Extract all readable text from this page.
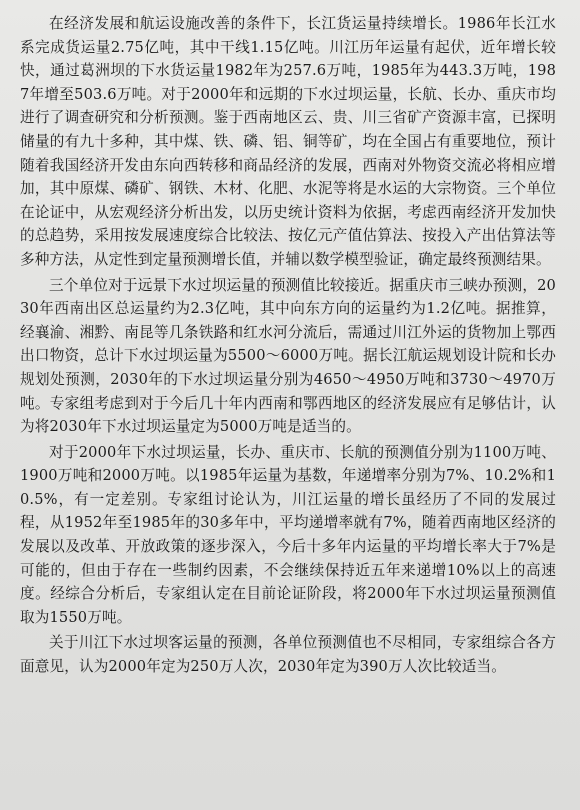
在经济发展和航运设施改善的条件下，长江货运量持续增长。1986年长江水系完成货运量2.75亿吨，其中干线1.15亿吨。川江历年运量有起伏，近年增长较快，通过葛洲坝的下水货运量1982年为257.6万吨，1985年为443.3万吨，1987年增至503.6万吨。对于2000年和远期的下水过坝运量，长航、长办、重庆市均进行了调查研究和分析预测。鉴于西南地区云、贵、川三省矿产资源丰富，已探明储量的有九十多种，其中煤、铁、磷、铝、铜等矿，均在全国占有重要地位，预计随着我国经济开发由东向西转移和商品经济的发展，西南对外物资交流必将相应增加，其中原煤、磷矿、钢铁、木材、化肥、水泥等将是水运的大宗物资。三个单位在论证中，从宏观经济分析出发，以历史统计资料为依据，考虑西南经济开发加快的总趋势，采用按发展速度综合比较法、按亿元产值估算法、按投入产出估算法等多种方法，从定性到定量预测增长值，并辅以数学模型验证，确定最终预测结果。

三个单位对于远景下水过坝运量的预测值比较接近。据重庆市三峡办预测，2030年西南出区总运量约为2.3亿吨，其中向东方向的运量约为1.2亿吨。据推算，经襄渝、湘黔、南昆等几条铁路和红水河分流后，需通过川江外运的货物加上鄂西出口物资，总计下水过坝运量为5500～6000万吨。据长江航运规划设计院和长办规划处预测，2030年的下水过坝运量分别为4650～4950万吨和3730～4970万吨。专家组考虑到对于今后几十年内西南和鄂西地区的经济发展应有足够估计，认为将2030年下水过坝运量定为5000万吨是适当的。

对于2000年下水过坝运量，长办、重庆市、长航的预测值分别为1100万吨、1900万吨和2000万吨。以1985年运量为基数，年递增率分别为7%、10.2%和10.5%，有一定差别。专家组讨论认为，川江运量的增长虽经历了不同的发展过程，从1952年至1985年的30多年中，平均递增率就有7%，随着西南地区经济的发展以及改革、开放政策的逐步深入，今后十多年内运量的平均增长率大于7%是可能的，但由于存在一些制约因素，不会继续保持近五年来递增10%以上的高速度。经综合分析后，专家组认定在目前论证阶段，将2000年下水过坝运量预测值取为1550万吨。

关于川江下水过坝客运量的预测，各单位预测值也不尽相同，专家组综合各方面意见，认为2000年定为250万人次，2030年定为390万人次比较适当。
